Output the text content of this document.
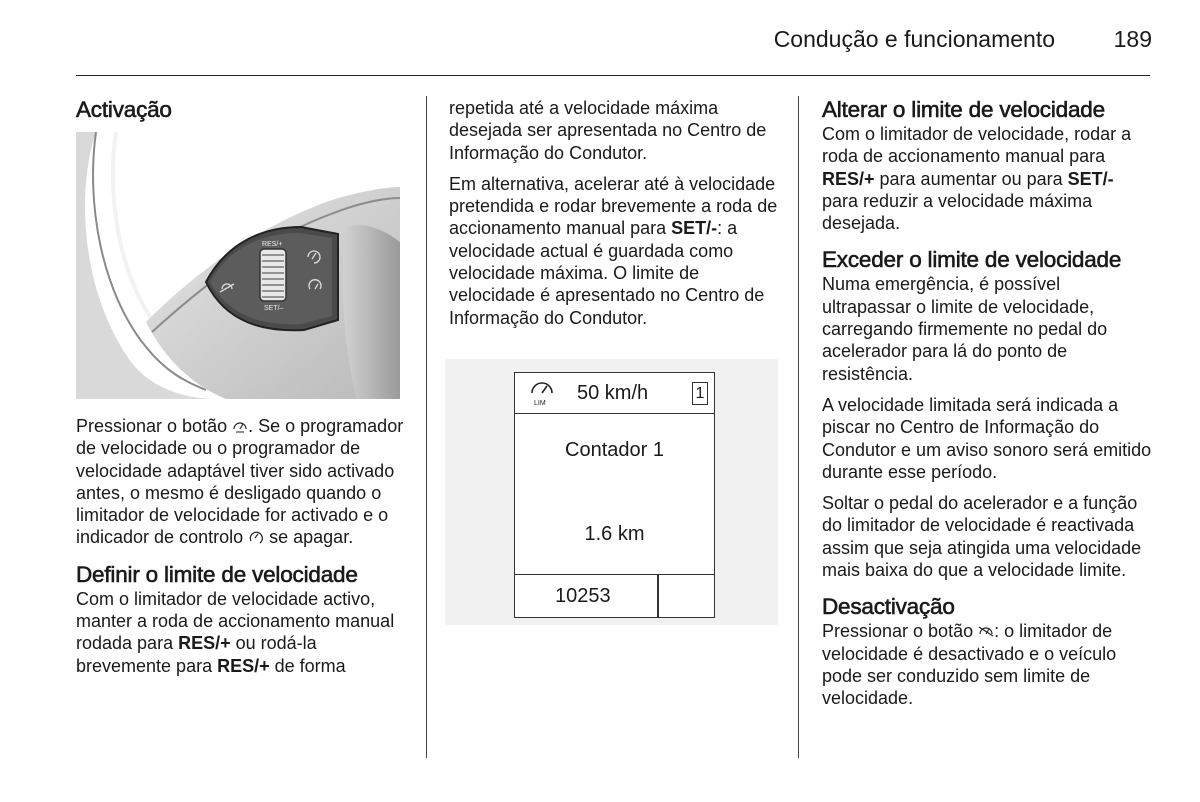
Condução e funcionamento	189
Activação
RES/+
SET/–

Pressionar o botão . Se o programador de velocidade ou o programador de velocidade adaptável tiver sido activado antes, o mesmo é desligado quando o limitador de velocidade for activado e o indicador de controlo  se apagar.

Definir o limite de velocidade

Com o limitador de velocidade activo, manter a roda de accionamento manual rodada para RES/+ ou rodá-la brevemente para RES/+ de forma

repetida até a velocidade máxima desejada ser apresentada no Centro de Informação do Condutor.

Em alternativa, acelerar até à velocidade pretendida e rodar brevemente a roda de accionamento manual para SET/-: a velocidade actual é guardada como velocidade máxima. O limite de velocidade é apresentado no Centro de Informação do Condutor.

LIM 50 km/h	1
Contador 1
1.6 km
10253
Alterar o limite de velocidade

Com o limitador de velocidade, rodar a roda de accionamento manual para RES/+ para aumentar ou para SET/- para reduzir a velocidade máxima desejada.

Exceder o limite de velocidade

Numa emergência, é possível ultrapassar o limite de velocidade, carregando firmemente no pedal do acelerador para lá do ponto de resistência.

A velocidade limitada será indicada a piscar no Centro de Informação do Condutor e um aviso sonoro será emitido durante esse período.

Soltar o pedal do acelerador e a função do limitador de velocidade é reactivada assim que seja atingida uma velocidade mais baixa do que a velocidade limite.

Desactivação

Pressionar o botão : o limitador de velocidade é desactivado e o veículo pode ser conduzido sem limite de velocidade.
